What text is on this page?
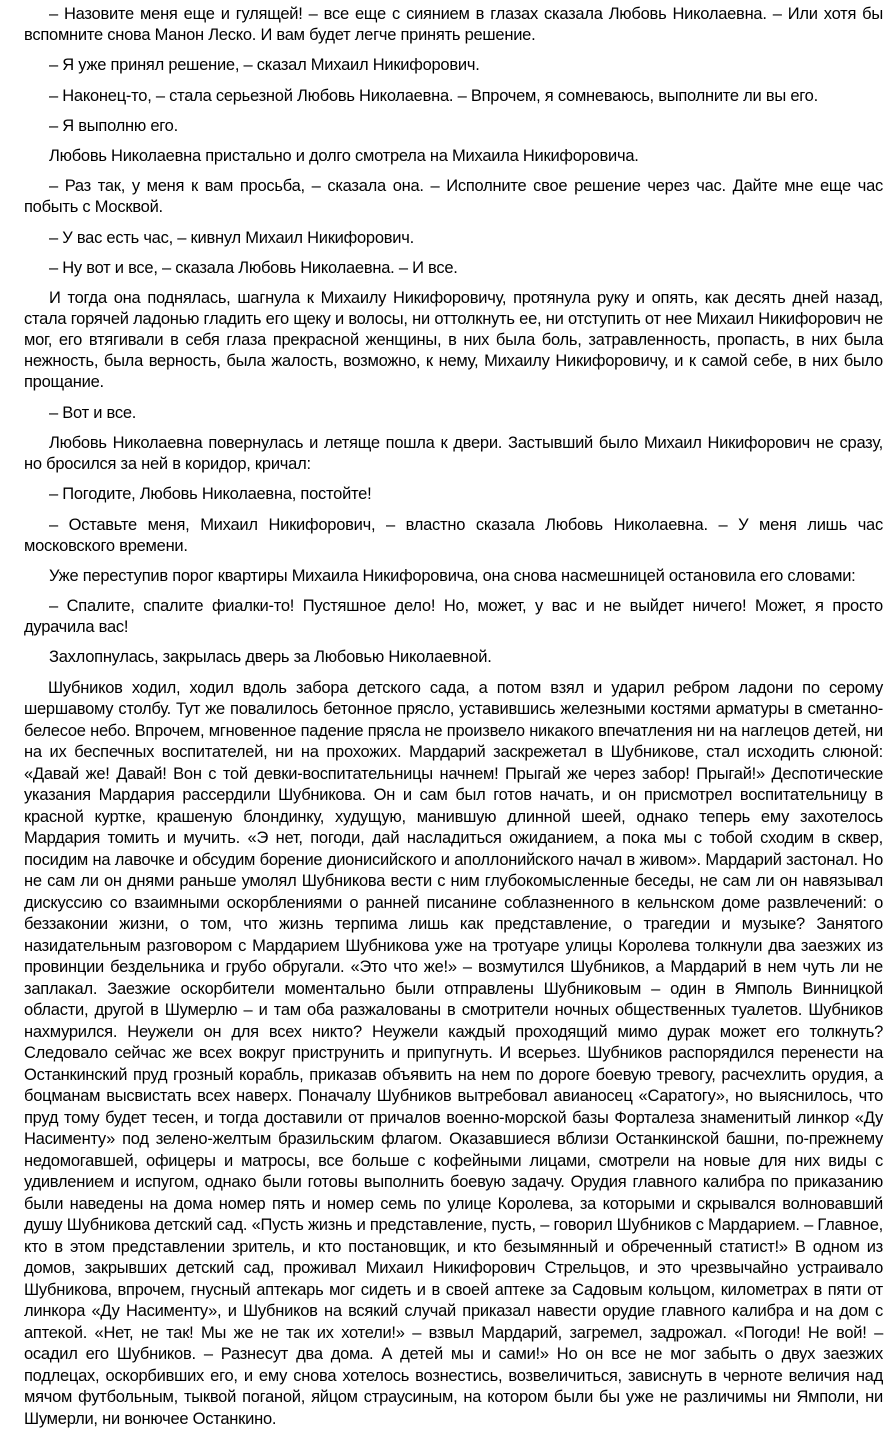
– Назовите меня еще и гулящей! – все еще с сиянием в глазах сказала Любовь Николаевна. – Или хотя бы вспомните снова Манон Леско. И вам будет легче принять решение.

– Я уже принял решение, – сказал Михаил Никифорович.

– Наконец-то, – стала серьезной Любовь Николаевна. – Впрочем, я сомневаюсь, выполните ли вы его.

– Я выполню его.

Любовь Николаевна пристально и долго смотрела на Михаила Никифоровича.

– Раз так, у меня к вам просьба, – сказала она. – Исполните свое решение через час. Дайте мне еще час побыть с Москвой.

– У вас есть час, – кивнул Михаил Никифорович.

– Ну вот и все, – сказала Любовь Николаевна. – И все.

И тогда она поднялась, шагнула к Михаилу Никифоровичу, протянула руку и опять, как десять дней назад, стала горячей ладонью гладить его щеку и волосы, ни оттолкнуть ее, ни отступить от нее Михаил Никифорович не мог, его втягивали в себя глаза прекрасной женщины, в них была боль, затравленность, пропасть, в них была нежность, была верность, была жалость, возможно, к нему, Михаилу Никифоровичу, и к самой себе, в них было прощание.

– Вот и все.

Любовь Николаевна повернулась и летяще пошла к двери. Застывший было Михаил Никифорович не сразу, но бросился за ней в коридор, кричал:

– Погодите, Любовь Николаевна, постойте!

– Оставьте меня, Михаил Никифорович, – властно сказала Любовь Николаевна. – У меня лишь час московского времени.

Уже переступив порог квартиры Михаила Никифоровича, она снова насмешницей остановила его словами:

– Спалите, спалите фиалки-то! Пустяшное дело! Но, может, у вас и не выйдет ничего! Может, я просто дурачила вас!

Захлопнулась, закрылась дверь за Любовью Николаевной.

Шубников ходил, ходил вдоль забора детского сада, а потом взял и ударил ребром ладони по серому шершавому столбу. Тут же повалилось бетонное прясло, уставившись железными костями арматуры в сметанно-белесое небо. Впрочем, мгновенное падение прясла не произвело никакого впечатления ни на наглецов детей, ни на их беспечных воспитателей, ни на прохожих. Мардарий заскрежетал в Шубникове, стал исходить слюной: «Давай же! Давай! Вон с той девки-воспитательницы начнем! Прыгай же через забор! Прыгай!» Деспотические указания Мардария рассердили Шубникова. Он и сам был готов начать, и он присмотрел воспитательницу в красной куртке, крашеную блондинку, худущую, манившую длинной шеей, однако теперь ему захотелось Мардария томить и мучить. «Э нет, погоди, дай насладиться ожиданием, а пока мы с тобой сходим в сквер, посидим на лавочке и обсудим борение дионисийского и аполлонийского начал в живом». Мардарий застонал. Но не сам ли он днями раньше умолял Шубникова вести с ним глубокомысленные беседы, не сам ли он навязывал дискуссию со взаимными оскорблениями о ранней писанине соблазненного в кельнском доме развлечений: о беззаконии жизни, о том, что жизнь терпима лишь как представление, о трагедии и музыке? Занятого назидательным разговором с Мардарием Шубникова уже на тротуаре улицы Королева толкнули два заезжих из провинции бездельника и грубо обругали. «Это что же!» – возмутился Шубников, а Мардарий в нем чуть ли не заплакал. Заезжие оскорбители моментально были отправлены Шубниковым – один в Ямполь Винницкой области, другой в Шумерлю – и там оба разжалованы в смотрители ночных общественных туалетов. Шубников нахмурился. Неужели он для всех никто? Неужели каждый проходящий мимо дурак может его толкнуть? Следовало сейчас же всех вокруг приструнить и припугнуть. И всерьез. Шубников распорядился перенести на Останкинский пруд грозный корабль, приказав объявить на нем по дороге боевую тревогу, расчехлить орудия, а боцманам высвистать всех наверх. Поначалу Шубников вытребовал авианосец «Саратогу», но выяснилось, что пруд тому будет тесен, и тогда доставили от причалов военно-морской базы Форталеза знаменитый линкор «Ду Насименту» под зелено-желтым бразильским флагом. Оказавшиеся вблизи Останкинской башни, по-прежнему недомогавшей, офицеры и матросы, все больше с кофейными лицами, смотрели на новые для них виды с удивлением и испугом, однако были готовы выполнить боевую задачу. Орудия главного калибра по приказанию были наведены на дома номер пять и номер семь по улице Королева, за которыми и скрывался волновавший душу Шубникова детский сад. «Пусть жизнь и представление, пусть, – говорил Шубников с Мардарием. – Главное, кто в этом представлении зритель, и кто постановщик, и кто безымянный и обреченный статист!» В одном из домов, закрывших детский сад, проживал Михаил Никифорович Стрельцов, и это чрезвычайно устраивало Шубникова, впрочем, гнусный аптекарь мог сидеть и в своей аптеке за Садовым кольцом, километрах в пяти от линкора «Ду Насименту», и Шубников на всякий случай приказал навести орудие главного калибра и на дом с аптекой. «Нет, не так! Мы же не так их хотели!» – взвыл Мардарий, загремел, задрожал. «Погоди! Не вой! – осадил его Шубников. – Разнесут два дома. А детей мы и сами!» Но он все не мог забыть о двух заезжих подлецах, оскорбивших его, и ему снова хотелось вознестись, возвеличиться, зависнуть в черноте величия над мячом футбольным, тыквой поганой, яйцом страусиным, на котором были бы уже не различимы ни Ямполи, ни Шумерли, ни вонючее Останкино.
